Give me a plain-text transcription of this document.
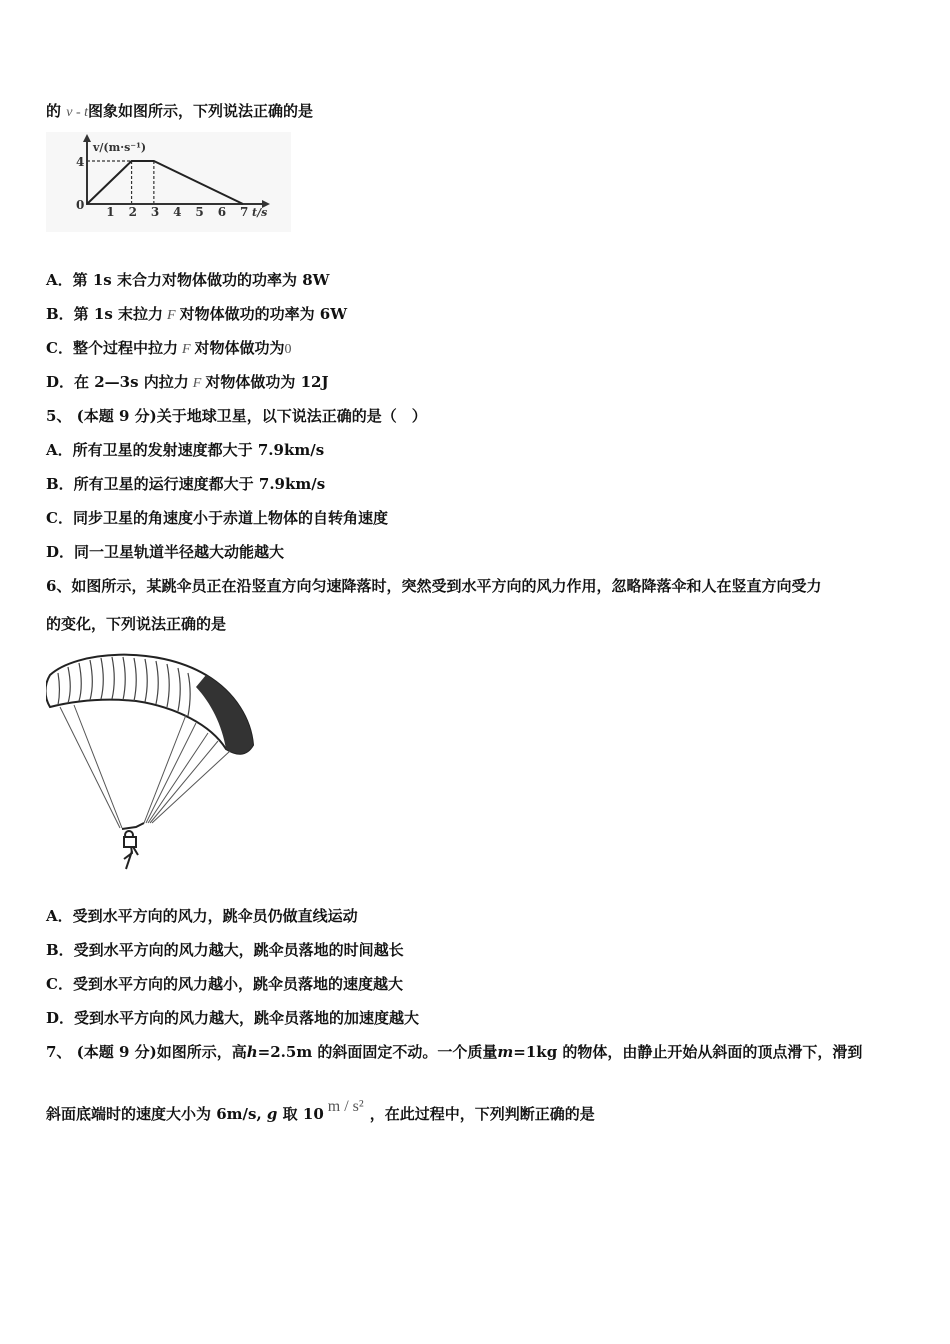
的 v - t图象如图所示，下列说法正确的是
v/(m·s⁻¹)
t/s
0
4
1 2 3 4 5 6 7
A．第 1s 末合力对物体做功的功率为 8W
B．第 1s 末拉力 F 对物体做功的功率为 6W
C．整个过程中拉力 F 对物体做功为0
D．在 2—3s 内拉力 F 对物体做功为 12J
5、 (本题 9 分)关于地球卫星，以下说法正确的是（　）
A．所有卫星的发射速度都大于 7.9km/s
B．所有卫星的运行速度都大于 7.9km/s
C．同步卫星的角速度小于赤道上物体的自转角速度
D．同一卫星轨道半径越大动能越大
6、如图所示，某跳伞员正在沿竖直方向匀速降落时，突然受到水平方向的风力作用，忽略降落伞和人在竖直方向受力
的变化，下列说法正确的是
A．受到水平方向的风力，跳伞员仍做直线运动
B．受到水平方向的风力越大，跳伞员落地的时间越长
C．受到水平方向的风力越小，跳伞员落地的速度越大
D．受到水平方向的风力越大，跳伞员落地的加速度越大
7、 (本题 9 分)如图所示，高h=2.5m 的斜面固定不动。一个质量m=1kg 的物体，由静止开始从斜面的顶点滑下，滑到
斜面底端时的速度大小为 6m/s, g 取 10 m / s² ，在此过程中，下列判断正确的是
